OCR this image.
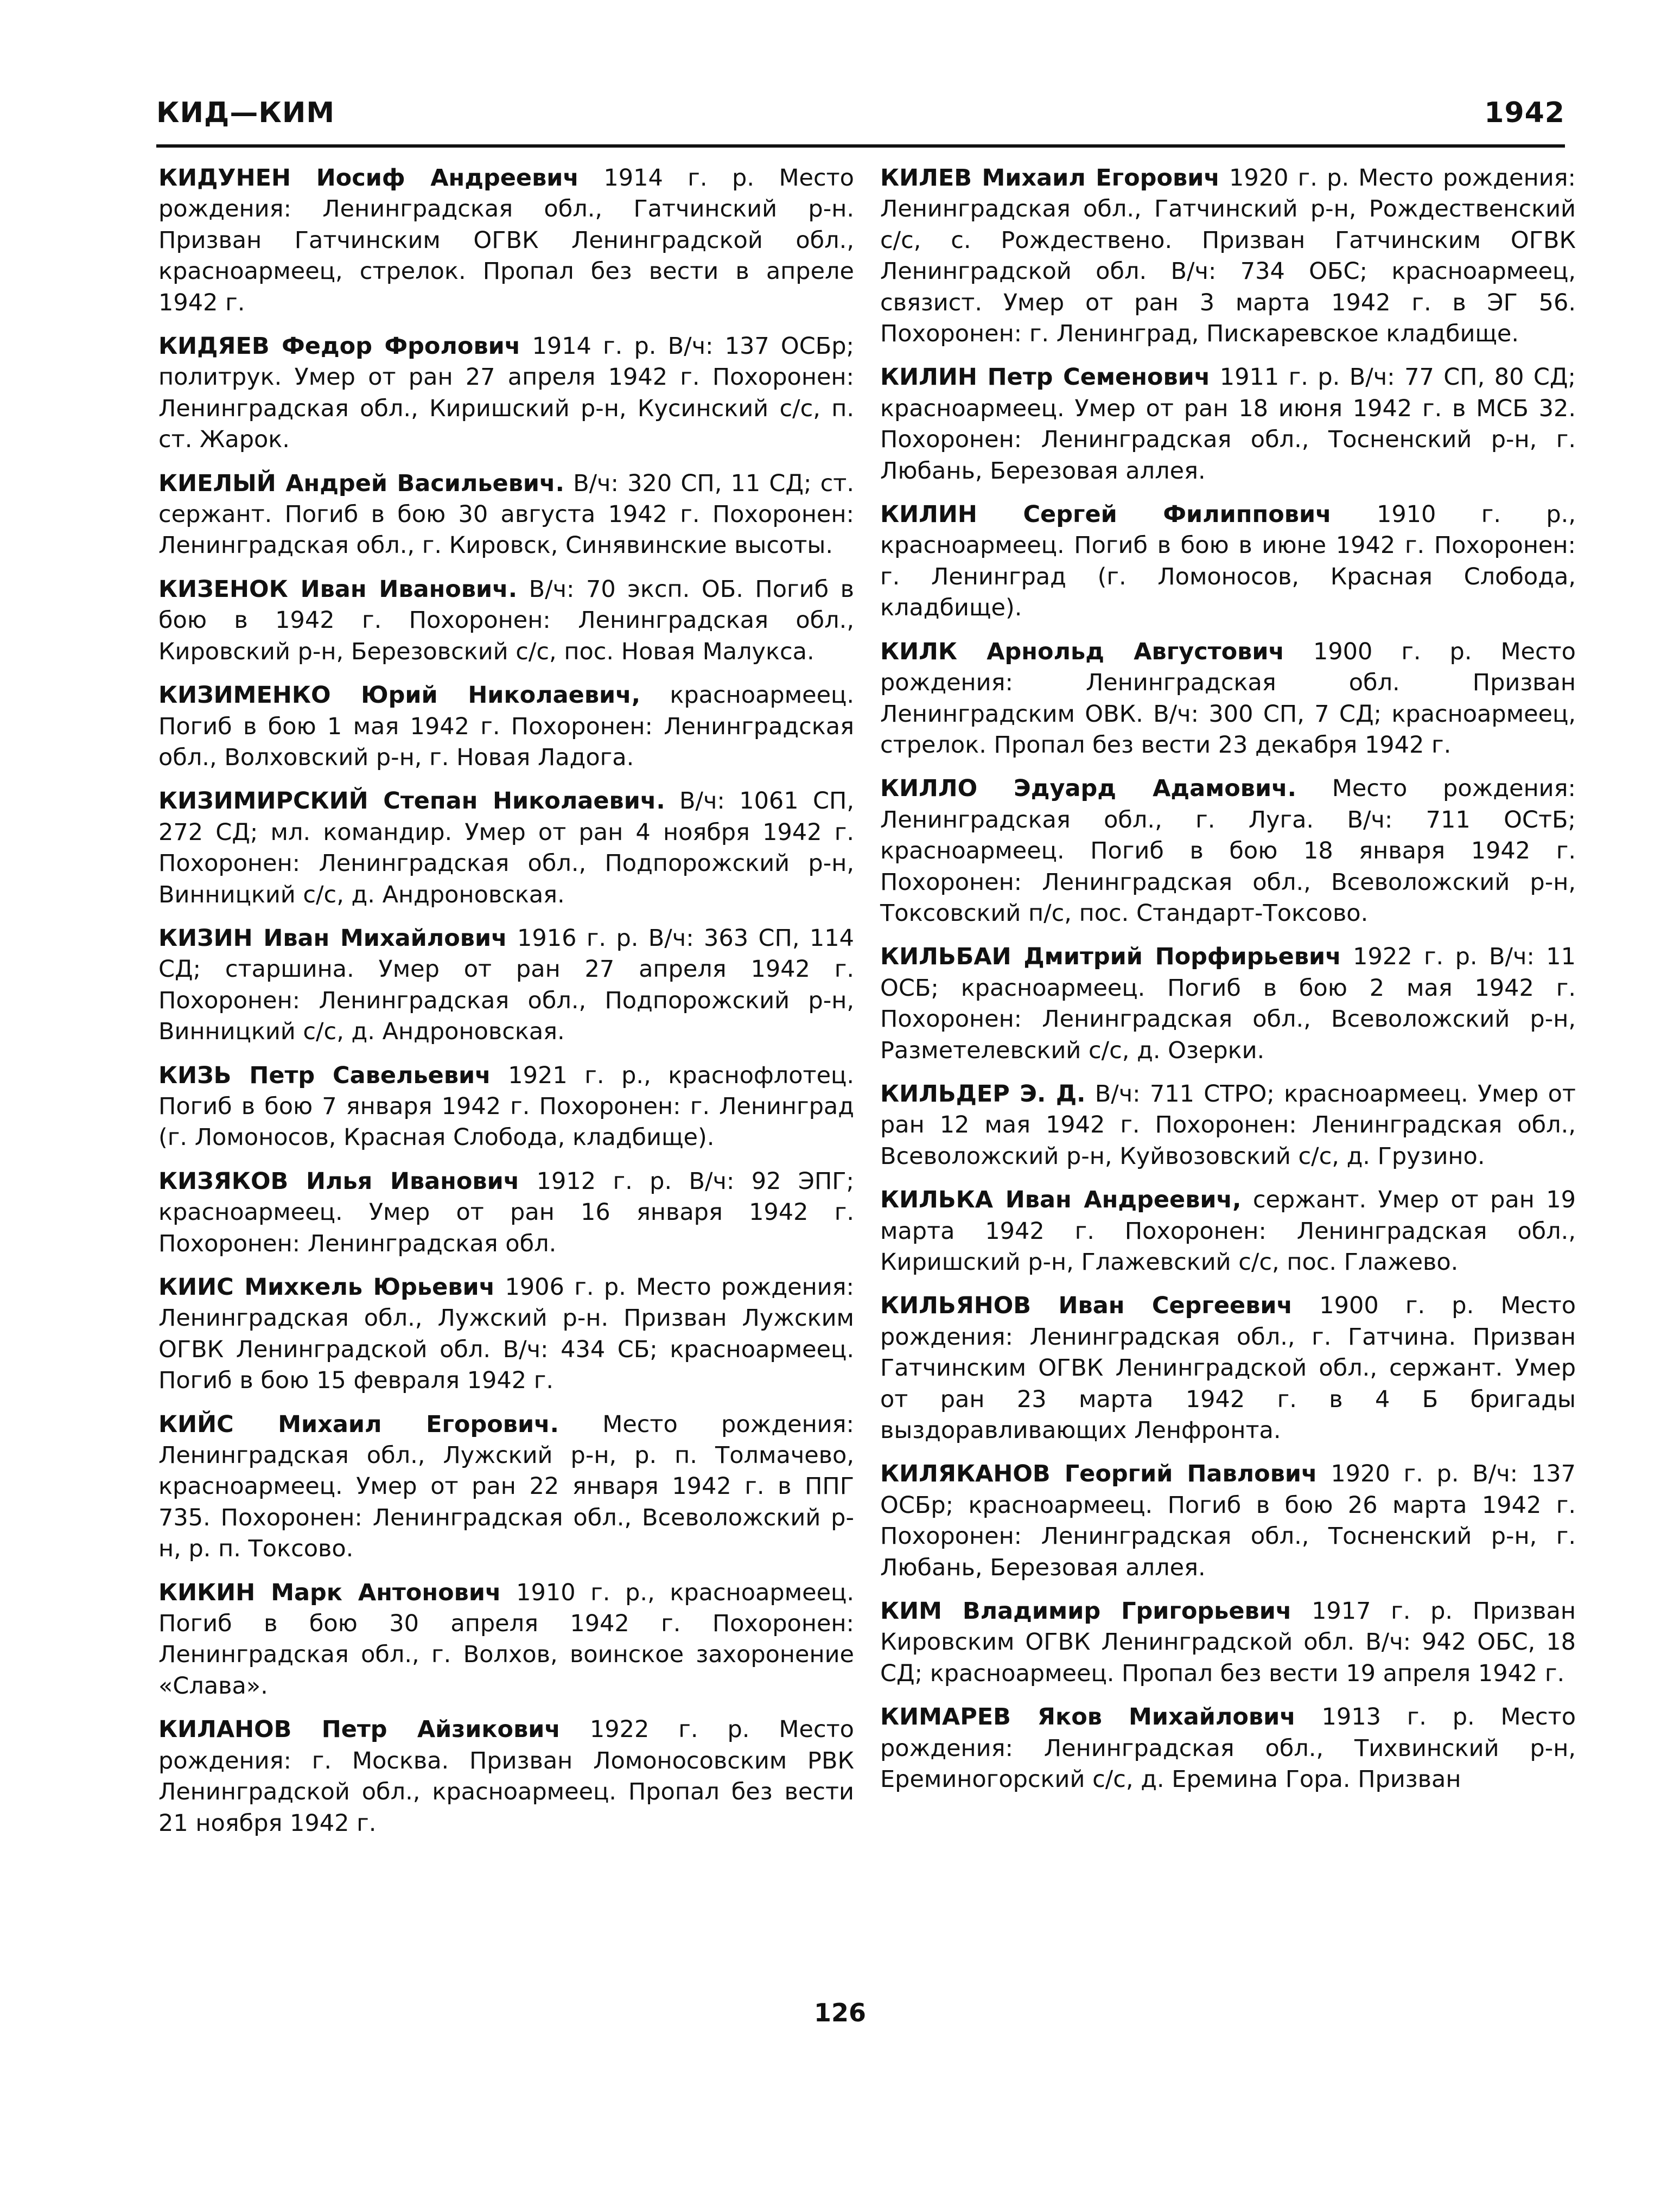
КИД—КИМ	1942

КИДУНЕН Иосиф Андреевич 1914 г. р. Место рождения: Ленинградская обл., Гатчинский р-н. Призван Гатчинским ОГВК Ленинградской обл., красноармеец, стрелок. Пропал без вести в апреле 1942 г.

КИДЯЕВ Федор Фролович 1914 г. р. В/ч: 137 ОСБр; политрук. Умер от ран 27 апреля 1942 г. Похоронен: Ленинградская обл., Киришский р-н, Кусинский с/с, п. ст. Жарок.

КИЕЛЫЙ Андрей Васильевич. В/ч: 320 СП, 11 СД; ст. сержант. Погиб в бою 30 августа 1942 г. Похоронен: Ленинградская обл., г. Кировск, Синявинские высоты.

КИЗЕНОК Иван Иванович. В/ч: 70 эксп. ОБ. Погиб в бою в 1942 г. Похоронен: Ленинградская обл., Кировский р-н, Березовский с/с, пос. Новая Малукса.

КИЗИМЕНКО Юрий Николаевич, красноармеец. Погиб в бою 1 мая 1942 г. Похоронен: Ленинградская обл., Волховский р-н, г. Новая Ладога.

КИЗИМИРСКИЙ Степан Николаевич. В/ч: 1061 СП, 272 СД; мл. командир. Умер от ран 4 ноября 1942 г. Похоронен: Ленинградская обл., Подпорожский р-н, Винницкий с/с, д. Андроновская.

КИЗИН Иван Михайлович 1916 г. р. В/ч: 363 СП, 114 СД; старшина. Умер от ран 27 апреля 1942 г. Похоронен: Ленинградская обл., Подпорожский р-н, Винницкий с/с, д. Андроновская.

КИЗЬ Петр Савельевич 1921 г. р., краснофлотец. Погиб в бою 7 января 1942 г. Похоронен: г. Ленинград (г. Ломоносов, Красная Слобода, кладбище).

КИЗЯКОВ Илья Иванович 1912 г. р. В/ч: 92 ЭПГ; красноармеец. Умер от ран 16 января 1942 г. Похоронен: Ленинградская обл.

КИИС Михкель Юрьевич 1906 г. р. Место рождения: Ленинградская обл., Лужский р-н. Призван Лужским ОГВК Ленинградской обл. В/ч: 434 СБ; красноармеец. Погиб в бою 15 февраля 1942 г.

КИЙС Михаил Егорович. Место рождения: Ленинградская обл., Лужский р-н, р. п. Толмачево, красноармеец. Умер от ран 22 января 1942 г. в ППГ 735. Похоронен: Ленинградская обл., Всеволожский р-н, р. п. Токсово.

КИКИН Марк Антонович 1910 г. р., красноармеец. Погиб в бою 30 апреля 1942 г. Похоронен: Ленинградская обл., г. Волхов, воинское захоронение «Слава».

КИЛАНОВ Петр Айзикович 1922 г. р. Место рождения: г. Москва. Призван Ломоносовским РВК Ленинградской обл., красноармеец. Пропал без вести 21 ноября 1942 г.

КИЛЕВ Михаил Егорович 1920 г. р. Место рождения: Ленинградская обл., Гатчинский р-н, Рождественский с/с, с. Рождествено. Призван Гатчинским ОГВК Ленинградской обл. В/ч: 734 ОБС; красноармеец, связист. Умер от ран 3 марта 1942 г. в ЭГ 56. Похоронен: г. Ленинград, Пискаревское кладбище.

КИЛИН Петр Семенович 1911 г. р. В/ч: 77 СП, 80 СД; красноармеец. Умер от ран 18 июня 1942 г. в МСБ 32. Похоронен: Ленинградская обл., Тосненский р-н, г. Любань, Березовая аллея.

КИЛИН Сергей Филиппович 1910 г. р., красноармеец. Погиб в бою в июне 1942 г. Похоронен: г. Ленинград (г. Ломоносов, Красная Слобода, кладбище).

КИЛК Арнольд Августович 1900 г. р. Место рождения: Ленинградская обл. Призван Ленинградским ОВК. В/ч: 300 СП, 7 СД; красноармеец, стрелок. Пропал без вести 23 декабря 1942 г.

КИЛЛО Эдуард Адамович. Место рождения: Ленинградская обл., г. Луга. В/ч: 711 ОСтБ; красноармеец. Погиб в бою 18 января 1942 г. Похоронен: Ленинградская обл., Всеволожский р-н, Токсовский п/с, пос. Стандарт-Токсово.

КИЛЬБАИ Дмитрий Порфирьевич 1922 г. р. В/ч: 11 ОСБ; красноармеец. Погиб в бою 2 мая 1942 г. Похоронен: Ленинградская обл., Всеволожский р-н, Разметелевский с/с, д. Озерки.

КИЛЬДЕР Э. Д. В/ч: 711 СТРО; красноармеец. Умер от ран 12 мая 1942 г. Похоронен: Ленинградская обл., Всеволожский р-н, Куйвозовский с/с, д. Грузино.

КИЛЬКА Иван Андреевич, сержант. Умер от ран 19 марта 1942 г. Похоронен: Ленинградская обл., Киришский р-н, Глажевский с/с, пос. Глажево.

КИЛЬЯНОВ Иван Сергеевич 1900 г. р. Место рождения: Ленинградская обл., г. Гатчина. Призван Гатчинским ОГВК Ленинградской обл., сержант. Умер от ран 23 марта 1942 г. в 4 Б бригады выздоравливающих Ленфронта.

КИЛЯКАНОВ Георгий Павлович 1920 г. р. В/ч: 137 ОСБр; красноармеец. Погиб в бою 26 марта 1942 г. Похоронен: Ленинградская обл., Тосненский р-н, г. Любань, Березовая аллея.

КИМ Владимир Григорьевич 1917 г. р. Призван Кировским ОГВК Ленинградской обл. В/ч: 942 ОБС, 18 СД; красноармеец. Пропал без вести 19 апреля 1942 г.

КИМАРЕВ Яков Михайлович 1913 г. р. Место рождения: Ленинградская обл., Тихвинский р-н, Ереминогорский с/с, д. Еремина Гора. Призван

126
